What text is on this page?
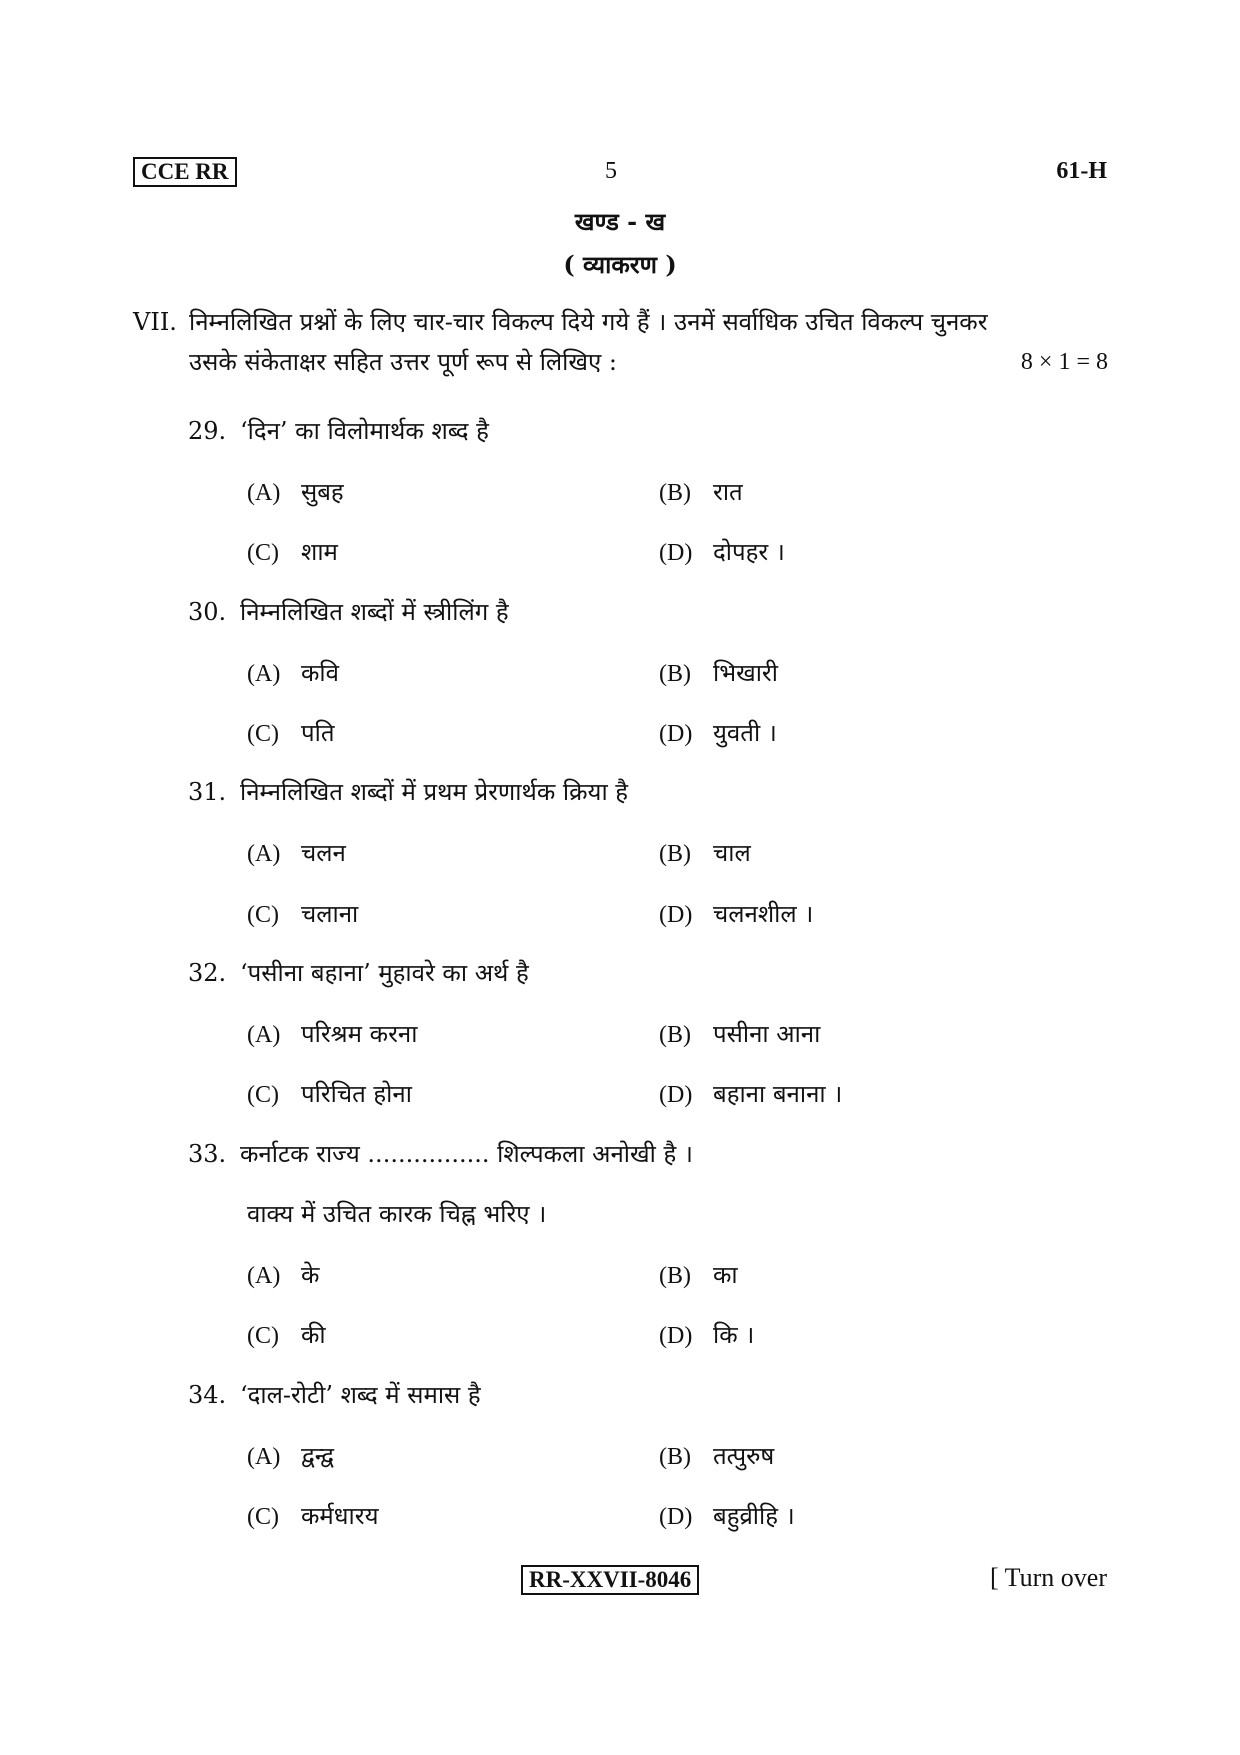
CCE RR	5	61-H
खण्ड - ख
( व्याकरण )
VII. निम्नलिखित प्रश्नों के लिए चार-चार विकल्प दिये गये हैं । उनमें सर्वाधिक उचित विकल्प चुनकर
उसके संकेताक्षर सहित उत्तर पूर्ण रूप से लिखिए :	8 × 1 = 8
29. ‘दिन’ का विलोमार्थक शब्द है
(A) सुबह	(B) रात
(C) शाम	(D) दोपहर ।
30. निम्नलिखित शब्दों में स्त्रीलिंग है
(A) कवि	(B) भिखारी
(C) पति	(D) युवती ।
31. निम्नलिखित शब्दों में प्रथम प्रेरणार्थक क्रिया है
(A) चलन	(B) चाल
(C) चलाना	(D) चलनशील ।
32. ‘पसीना बहाना’ मुहावरे का अर्थ है
(A) परिश्रम करना	(B) पसीना आना
(C) परिचित होना	(D) बहाना बनाना ।
33. कर्नाटक राज्य ................ शिल्पकला अनोखी है ।
वाक्य में उचित कारक चिह्न भरिए ।
(A) के	(B) का
(C) की	(D) कि ।
34. ‘दाल-रोटी’ शब्द में समास है
(A) द्वन्द्व	(B) तत्पुरुष
(C) कर्मधारय	(D) बहुव्रीहि ।
RR-XXVII-8046	[ Turn over
